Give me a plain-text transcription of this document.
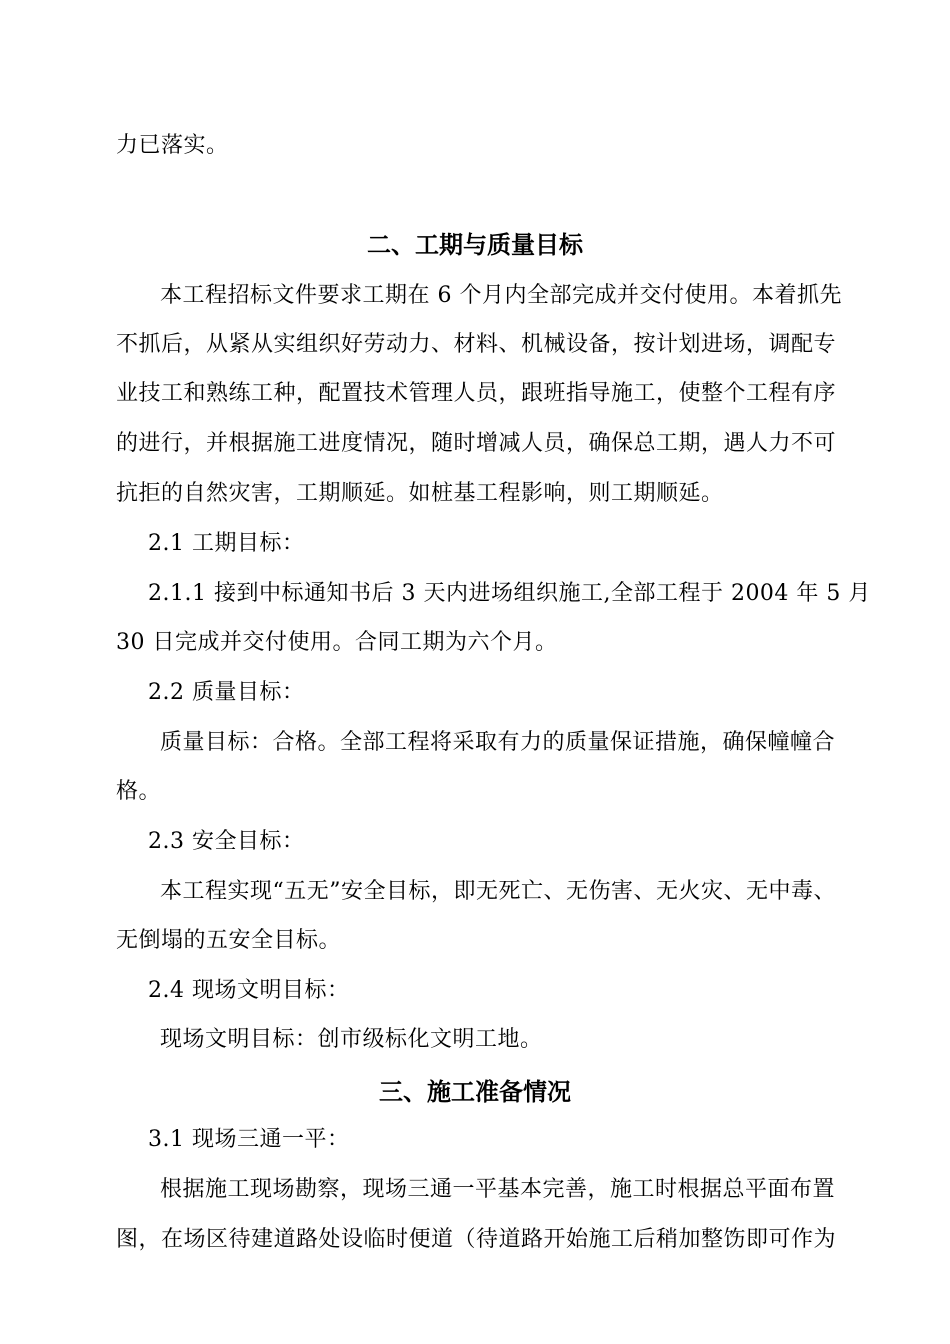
力已落实。
二、工期与质量目标
本工程招标文件要求工期在 6 个月内全部完成并交付使用。本着抓先
不抓后，从紧从实组织好劳动力、材料、机械设备，按计划进场，调配专
业技工和熟练工种，配置技术管理人员，跟班指导施工，使整个工程有序
的进行，并根据施工进度情况，随时增减人员，确保总工期，遇人力不可
抗拒的自然灾害，工期顺延。如桩基工程影响，则工期顺延。
2.1 工期目标：
2.1.1 接到中标通知书后 3 天内进场组织施工,全部工程于 2004 年 5 月
30 日完成并交付使用。合同工期为六个月。
2.2 质量目标：
质量目标：合格。全部工程将采取有力的质量保证措施，确保幢幢合
格。
2.3 安全目标：
本工程实现“五无”安全目标，即无死亡、无伤害、无火灾、无中毒、
无倒塌的五安全目标。
2.4 现场文明目标：
现场文明目标：创市级标化文明工地。
三、施工准备情况
3.1 现场三通一平：
根据施工现场勘察，现场三通一平基本完善，施工时根据总平面布置
图，在场区待建道路处设临时便道（待道路开始施工后稍加整饬即可作为
